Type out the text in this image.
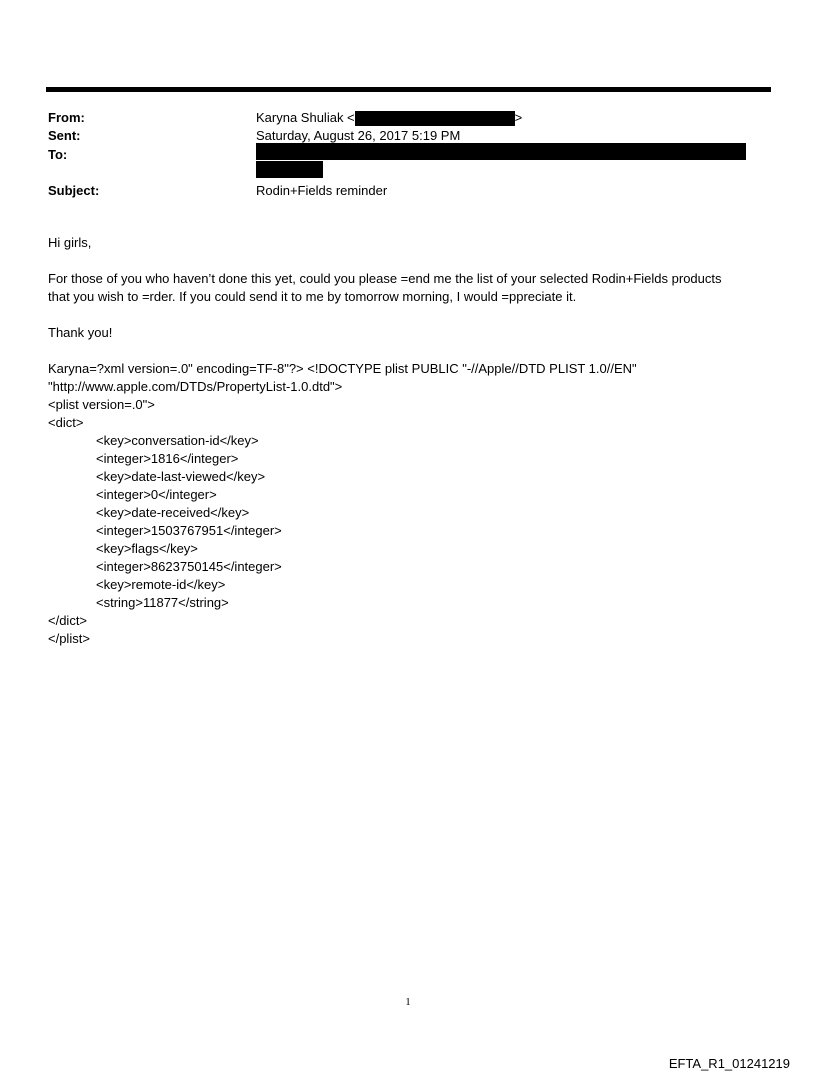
From:	Karyna Shuliak <	>
Sent:	Saturday, August 26, 2017 5:19 PM
To:
Subject:	Rodin+Fields reminder
Hi girls,
For those of you who haven’t done this yet, could you please =end me the list of your selected Rodin+Fields products
that you wish to =rder. If you could send it to me by tomorrow morning, I would =ppreciate it.
Thank you!
Karyna=?xml version=.0" encoding=TF-8"?> <!DOCTYPE plist PUBLIC "-//Apple//DTD PLIST 1.0//EN"
"http://www.apple.com/DTDs/PropertyList-1.0.dtd">
<plist version=.0">
<dict>
<key>conversation-id</key>
<integer>1816</integer>
<key>date-last-viewed</key>
<integer>0</integer>
<key>date-received</key>
<integer>1503767951</integer>
<key>flags</key>
<integer>8623750145</integer>
<key>remote-id</key>
<string>11877</string>
</dict>
</plist>
1
EFTA_R1_01241219
